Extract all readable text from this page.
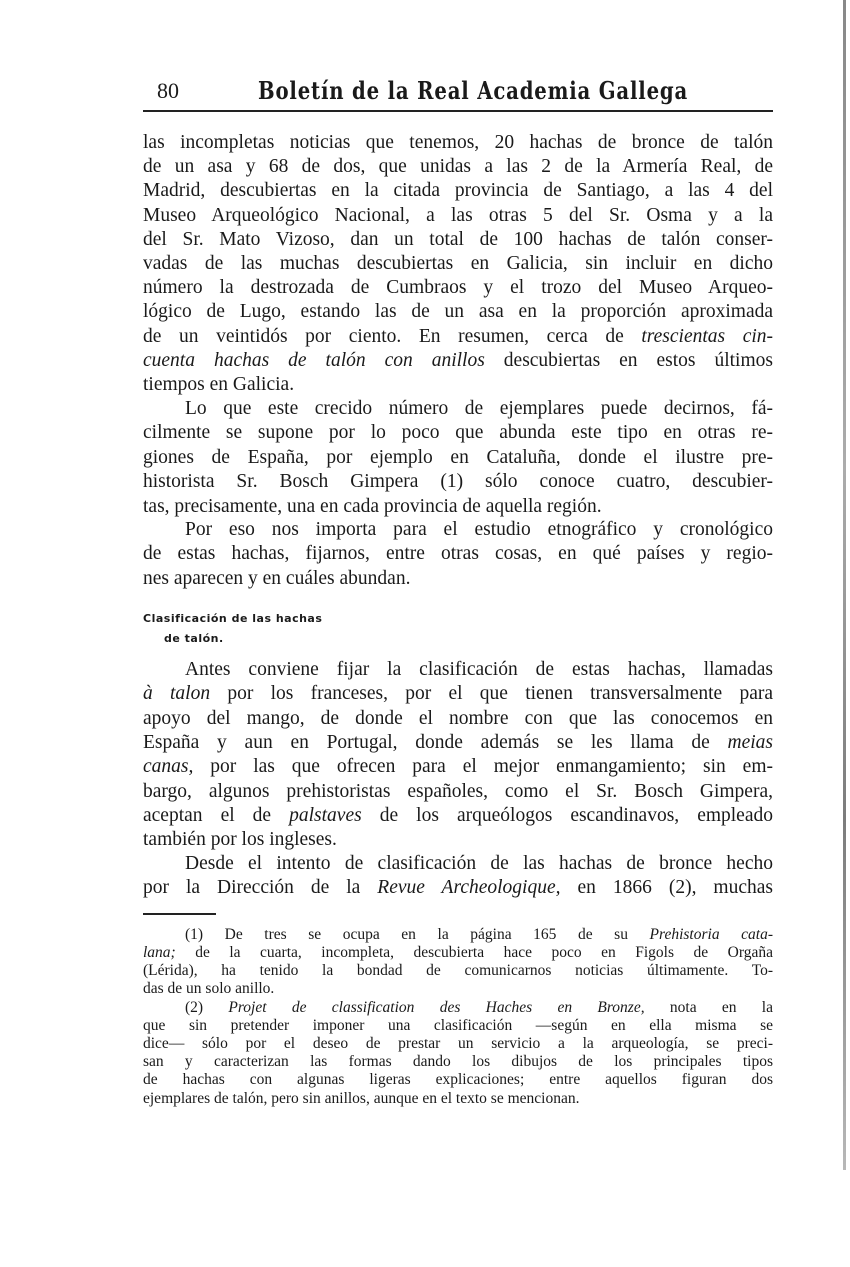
80	Boletín de la Real Academia Gallega
las incompletas noticias que tenemos, 20 hachas de bronce de talón
de un asa y 68 de dos, que unidas a las 2 de la Armería Real, de
Madrid, descubiertas en la citada provincia de Santiago, a las 4 del
Museo Arqueológico Nacional, a las otras 5 del Sr. Osma y a la
del Sr. Mato Vizoso, dan un total de 100 hachas de talón conser-
vadas de las muchas descubiertas en Galicia, sin incluir en dicho
número la destrozada de Cumbraos y el trozo del Museo Arqueo-
lógico de Lugo, estando las de un asa en la proporción aproximada
de un veintidós por ciento. En resumen, cerca de trescientas cin-
cuenta hachas de talón con anillos descubiertas en estos últimos
tiempos en Galicia.
Lo que este crecido número de ejemplares puede decirnos, fá-
cilmente se supone por lo poco que abunda este tipo en otras re-
giones de España, por ejemplo en Cataluña, donde el ilustre pre-
historista Sr. Bosch Gimpera (1) sólo conoce cuatro, descubier-
tas, precisamente, una en cada provincia de aquella región.
Por eso nos importa para el estudio etnográfico y cronológico
de estas hachas, fijarnos, entre otras cosas, en qué países y regio-
nes aparecen y en cuáles abundan.
Antes conviene fijar la clasificación de estas hachas, llamadas
à talon por los franceses, por el que tienen transversalmente para
apoyo del mango, de donde el nombre con que las conocemos en
España y aun en Portugal, donde además se les llama de meias
canas, por las que ofrecen para el mejor enmangamiento; sin em-
bargo, algunos prehistoristas españoles, como el Sr. Bosch Gimpera,
aceptan el de palstaves de los arqueólogos escandinavos, empleado
también por los ingleses.
Desde el intento de clasificación de las hachas de bronce hecho
por la Dirección de la Revue Archeologique, en 1866 (2), muchas
Clasificación de las hachas
de talón.
(1) De tres se ocupa en la página 165 de su Prehistoria cata-
lana; de la cuarta, incompleta, descubierta hace poco en Figols de Orgaña
(Lérida), ha tenido la bondad de comunicarnos noticias últimamente. To-
das de un solo anillo.
(2) Projet de classification des Haches en Bronze, nota en la
que sin pretender imponer una clasificación —según en ella misma se
dice— sólo por el deseo de prestar un servicio a la arqueología, se preci-
san y caracterizan las formas dando los dibujos de los principales tipos
de hachas con algunas ligeras explicaciones; entre aquellos figuran dos
ejemplares de talón, pero sin anillos, aunque en el texto se mencionan.
